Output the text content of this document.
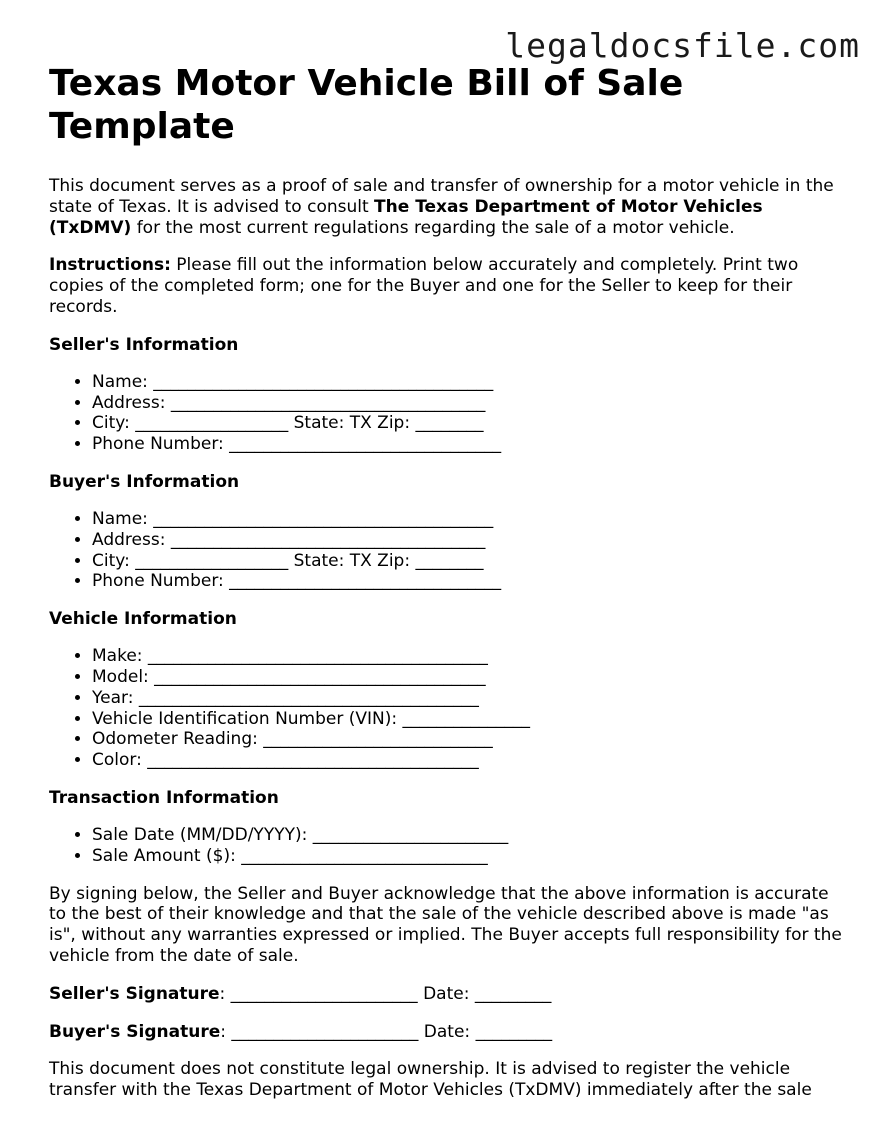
legaldocsfile.com
Texas Motor Vehicle Bill of Sale Template

This document serves as a proof of sale and transfer of ownership for a motor vehicle in the state of Texas. It is advised to consult The Texas Department of Motor Vehicles (TxDMV) for the most current regulations regarding the sale of a motor vehicle.

Instructions: Please fill out the information below accurately and completely. Print two copies of the completed form; one for the Buyer and one for the Seller to keep for their records.

Seller's Information
• Name: ________________________________________
• Address: _____________________________________
• City: __________________ State: TX Zip: ________
• Phone Number: ________________________________
Buyer's Information
• Name: ________________________________________
• Address: _____________________________________
• City: __________________ State: TX Zip: ________
• Phone Number: ________________________________
Vehicle Information
• Make: ________________________________________
• Model: _______________________________________
• Year: ________________________________________
• Vehicle Identification Number (VIN): _______________
• Odometer Reading: ___________________________
• Color: _______________________________________
Transaction Information
• Sale Date (MM/DD/YYYY): _______________________
• Sale Amount ($): _____________________________

By signing below, the Seller and Buyer acknowledge that the above information is accurate to the best of their knowledge and that the sale of the vehicle described above is made "as is", without any warranties expressed or implied. The Buyer accepts full responsibility for the vehicle from the date of sale.

Seller's Signature: ______________________ Date: _________

Buyer's Signature: ______________________ Date: _________

This document does not constitute legal ownership. It is advised to register the vehicle transfer with the Texas Department of Motor Vehicles (TxDMV) immediately after the sale
